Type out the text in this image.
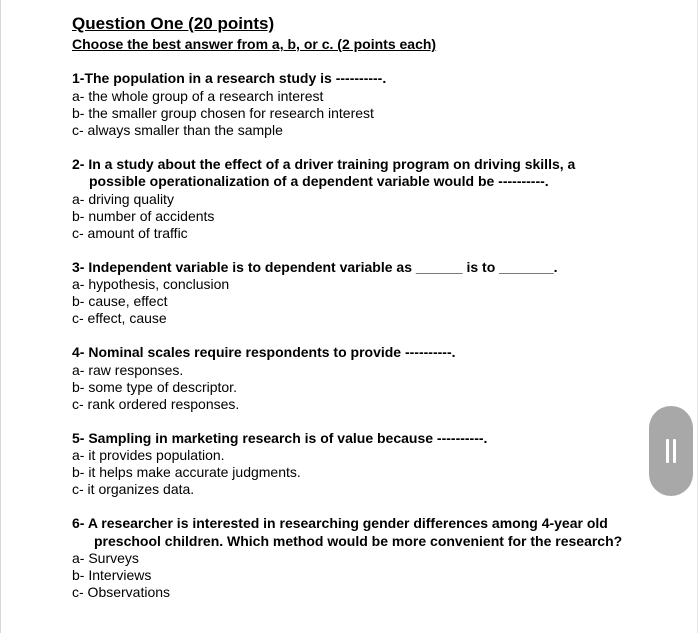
Question One (20 points)
Choose the best answer from a, b, or c. (2 points each)
1-The population in a research study is ----------.
a- the whole group of a research interest
b- the smaller group chosen for research interest
c- always smaller than the sample
2- In a study about the effect of a driver training program on driving skills, a possible operationalization of a dependent variable would be ----------.
a- driving quality
b- number of accidents
c- amount of traffic
3- Independent variable is to dependent variable as ______ is to _______.
a- hypothesis, conclusion
b- cause, effect
c- effect, cause
4- Nominal scales require respondents to provide ----------.
a- raw responses.
b- some type of descriptor.
c- rank ordered responses.
5- Sampling in marketing research is of value because ----------.
a- it provides population.
b- it helps make accurate judgments.
c- it organizes data.
6- A researcher is interested in researching gender differences among 4-year old preschool children. Which method would be more convenient for the research?
a- Surveys
b- Interviews
c- Observations
